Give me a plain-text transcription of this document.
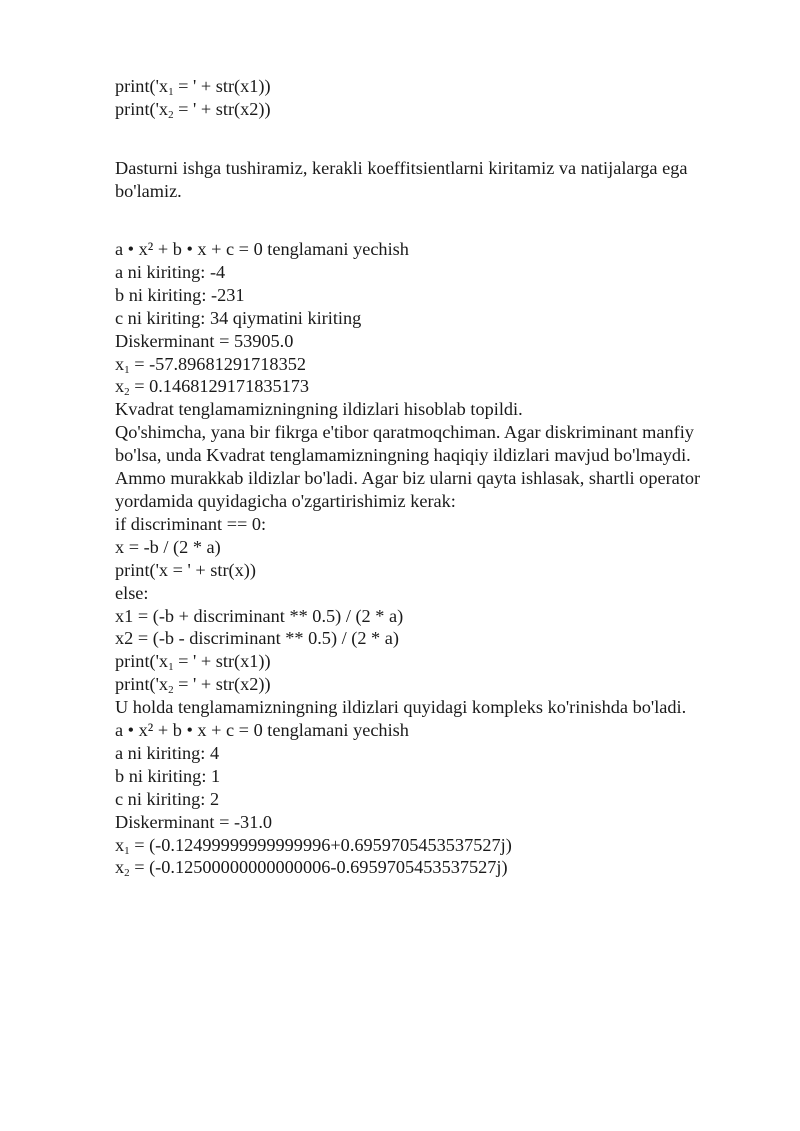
$print('x_1$ = ' + str(x1))
$print('x_2$ = ' + str(x2))
Dasturni ishga tushiramiz, kerakli koeffitsientlarni kiritamiz va natijalarga ega
bo'lamiz.
a • x² + b • x + c = 0 tenglamani yechish
a ni kiriting: -4
b ni kiriting: -231
c ni kiriting: 34 qiymatini kiriting
Diskerminant = 53905.0
$x_1 = -57.89681291718352$
$x_2 = 0.1468129171835173$
Kvadrat tenglamamizningning ildizlari hisoblab topildi.
Qo'shimcha, yana bir fikrga e'tibor qaratmoqchiman. Agar diskriminant manfiy
bo'lsa, unda Kvadrat tenglamamizningning haqiqiy ildizlari mavjud bo'lmaydi.
Ammo murakkab ildizlar bo'ladi. Agar biz ularni qayta ishlasak, shartli operator
yordamida quyidagicha o'zgartirishimiz kerak:
if discriminant == 0:
x = -b / (2 * a)
print('x = ' + str(x))
else:
x1 = (-b + discriminant ** 0.5) / (2 * a)
x2 = (-b - discriminant ** 0.5) / (2 * a)
$print('x_1$ = ' + str(x1))
$print('x_2$ = ' + str(x2))
U holda tenglamamizningning ildizlari quyidagi kompleks ko'rinishda bo'ladi.
a • x² + b • x + c = 0 tenglamani yechish
a ni kiriting: 4
b ni kiriting: 1
c ni kiriting: 2
Diskerminant = -31.0
$x_1 = (-0.12499999999999996+0.6959705453537527j)$
$x_2 = (-0.12500000000000006-0.6959705453537527j)$
